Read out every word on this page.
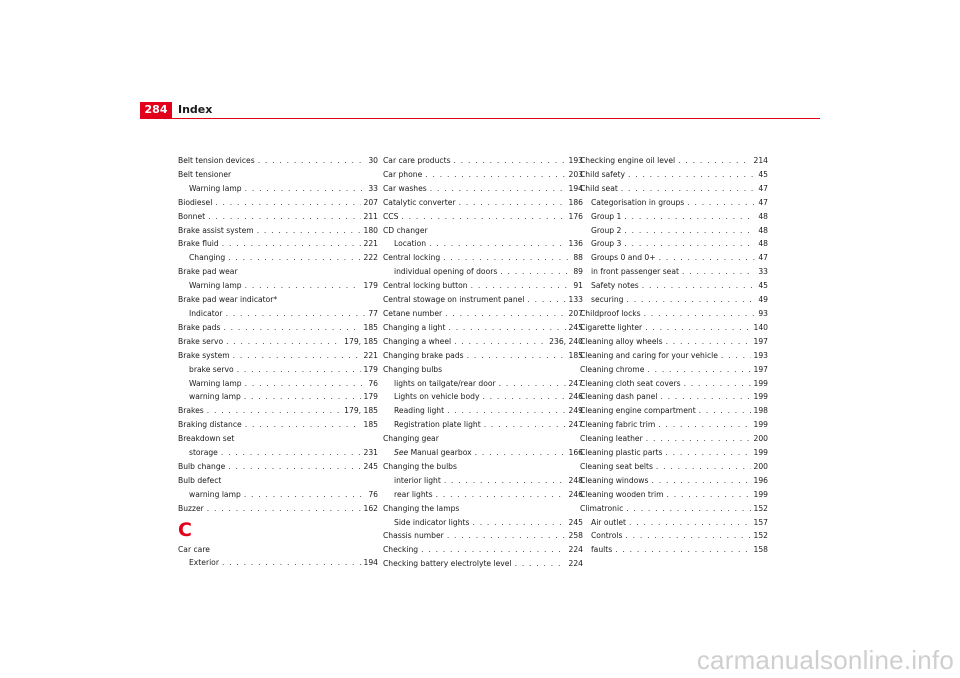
284 Index
Belt tension devices . . .	30
Belt tensioner
Warning lamp . . .	33
Biodiesel . . .	207
Bonnet . . .	211
Brake assist system . . .	180
Brake fluid . . .	221
Changing . . .	222
Brake pad wear
Warning lamp . . .	179
Brake pad wear indicator*
Indicator . . .	77
Brake pads . . .	185
Brake servo . . .	179, 185
Brake system . . .	221
brake servo . . .	179
Warning lamp . . .	76
warning lamp . . .	179
Brakes . . .	179, 185
Braking distance . . .	185
Breakdown set
storage . . .	231
Bulb change . . .	245
Bulb defect
warning lamp . . .	76
Buzzer . . .	162
C
Car care
Exterior . . .	194
Car care products . . .	193
Car phone . . .	203
Car washes . . .	194
Catalytic converter . . .	186
CCS . . .	176
CD changer
Location . . .	136
Central locking . . .	88
individual opening of doors . . .	89
Central locking button . . .	91
Central stowage on instrument panel . . .	133
Cetane number . . .	207
Changing a light . . .	245
Changing a wheel . . .	236, 240
Changing brake pads . . .	185
Changing bulbs
lights on tailgate/rear door . . .	247
Lights on vehicle body . . .	246
Reading light . . .	249
Registration plate light . . .	247
Changing gear
See Manual gearbox . . .	166
Changing the bulbs
interior light . . .	248
rear lights . . .	246
Changing the lamps
Side indicator lights . . .	245
Chassis number . . .	258
Checking . . .	224
Checking battery electrolyte level . . .	224
Checking engine oil level . . .	214
Child safety . . .	45
Child seat . . .	47
Categorisation in groups . . .	47
Group 1 . . .	48
Group 2 . . .	48
Group 3 . . .	48
Groups 0 and 0+ . . .	47
in front passenger seat . . .	33
Safety notes . . .	45
securing . . .	49
Childproof locks . . .	93
Cigarette lighter . . .	140
Cleaning alloy wheels . . .	197
Cleaning and caring for your vehicle . . .	193
Cleaning chrome . . .	197
Cleaning cloth seat covers . . .	199
Cleaning dash panel . . .	199
Cleaning engine compartment . . .	198
Cleaning fabric trim . . .	199
Cleaning leather . . .	200
Cleaning plastic parts . . .	199
Cleaning seat belts . . .	200
Cleaning windows . . .	196
Cleaning wooden trim . . .	199
Climatronic . . .	152
Air outlet . . .	157
Controls . . .	152
faults . . .	158
carmanualsonline.info
